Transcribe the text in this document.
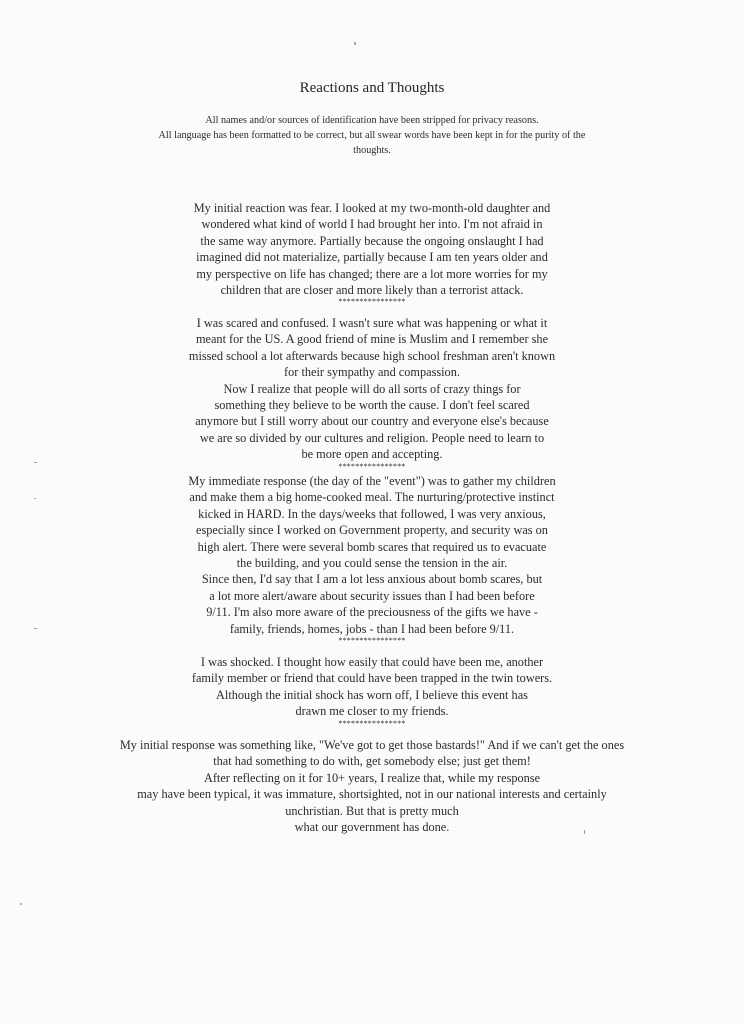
Reactions and Thoughts

All names and/or sources of identification have been stripped for privacy reasons.

All language has been formatted to be correct, but all swear words have been kept in for the purity of the

thoughts.

My initial reaction was fear. I looked at my two-month-old daughter and
wondered what kind of world I had brought her into. I'm not afraid in
the same way anymore. Partially because the ongoing onslaught I had
imagined did not materialize, partially because I am ten years older and
my perspective on life has changed; there are a lot more worries for my
children that are closer and more likely than a terrorist attack.
****************
I was scared and confused. I wasn't sure what was happening or what it
meant for the US. A good friend of mine is Muslim and I remember she
missed school a lot afterwards because high school freshman aren't known
for their sympathy and compassion.
Now I realize that people will do all sorts of crazy things for
something they believe to be worth the cause. I don't feel scared
anymore but I still worry about our country and everyone else's because
we are so divided by our cultures and religion. People need to learn to
be more open and accepting.
****************
My immediate response (the day of the "event") was to gather my children
and make them a big home-cooked meal. The nurturing/protective instinct
kicked in HARD. In the days/weeks that followed, I was very anxious,
especially since I worked on Government property, and security was on
high alert. There were several bomb scares that required us to evacuate
the building, and you could sense the tension in the air.
Since then, I'd say that I am a lot less anxious about bomb scares, but
a lot more alert/aware about security issues than I had been before
9/11. I'm also more aware of the preciousness of the gifts we have -
family, friends, homes, jobs - than I had been before 9/11.
****************
I was shocked. I thought how easily that could have been me, another
family member or friend that could have been trapped in the twin towers.
Although the initial shock has worn off, I believe this event has
drawn me closer to my friends.
****************
My initial response was something like, "We've got to get those bastards!" And if we can't get the ones
that had something to do with, get somebody else; just get them!
After reflecting on it for 10+ years, I realize that, while my response
may have been typical, it was immature, shortsighted, not in our national interests and certainly
unchristian. But that is pretty much
what our government has done.
